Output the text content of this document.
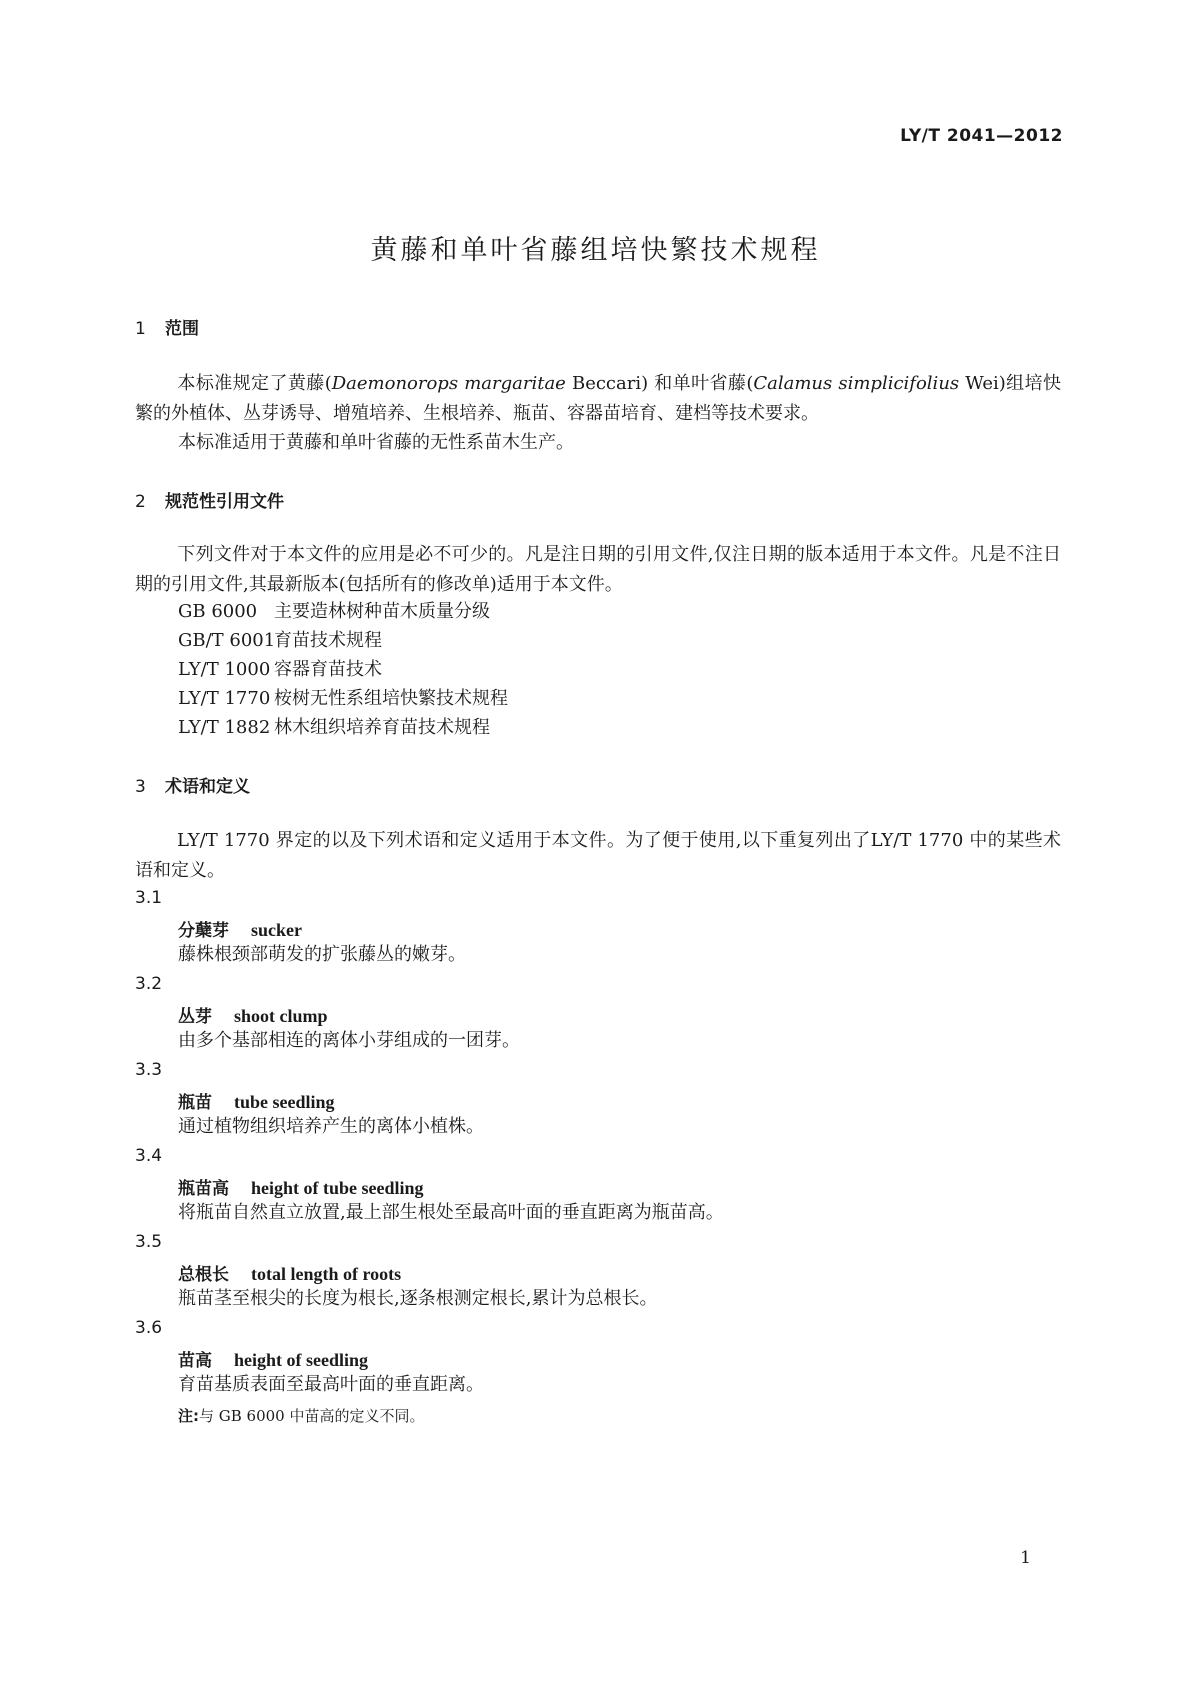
LY/T 2041—2012
黄藤和单叶省藤组培快繁技术规程
1 范围
本标准规定了黄藤(Daemonorops margaritae Beccari) 和单叶省藤(Calamus simplicifolius Wei)组培快繁的外植体、丛芽诱导、增殖培养、生根培养、瓶苗、容器苗培育、建档等技术要求。
本标准适用于黄藤和单叶省藤的无性系苗木生产。
2 规范性引用文件
下列文件对于本文件的应用是必不可少的。凡是注日期的引用文件,仅注日期的版本适用于本文件。凡是不注日期的引用文件,其最新版本(包括所有的修改单)适用于本文件。
GB 6000 主要造林树种苗木质量分级
GB/T 6001育苗技术规程
LY/T 1000 容器育苗技术
LY/T 1770 桉树无性系组培快繁技术规程
LY/T 1882 林木组织培养育苗技术规程
3 术语和定义
LY/T 1770 界定的以及下列术语和定义适用于本文件。为了便于使用,以下重复列出了LY/T 1770 中的某些术语和定义。
3.1
分蘖芽 sucker
藤株根颈部萌发的扩张藤丛的嫩芽。
3.2
丛芽 shoot clump
由多个基部相连的离体小芽组成的一团芽。
3.3
瓶苗 tube seedling
通过植物组织培养产生的离体小植株。
3.4
瓶苗高 height of tube seedling
将瓶苗自然直立放置,最上部生根处至最高叶面的垂直距离为瓶苗高。
3.5
总根长 total length of roots
瓶苗茎至根尖的长度为根长,逐条根测定根长,累计为总根长。
3.6
苗高 height of seedling
育苗基质表面至最高叶面的垂直距离。
注:与 GB 6000 中苗高的定义不同。
1
